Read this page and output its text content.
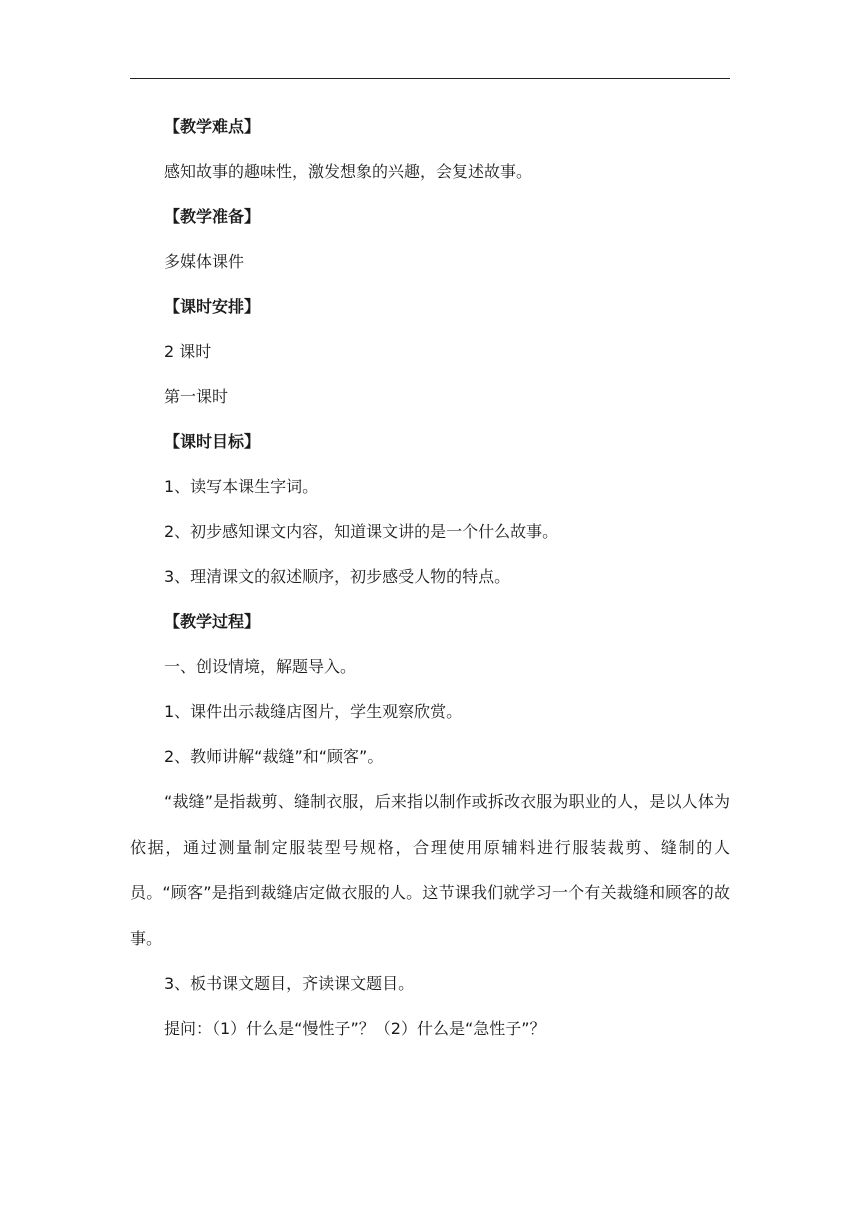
【教学难点】

感知故事的趣味性，激发想象的兴趣，会复述故事。

【教学准备】

多媒体课件

【课时安排】

2 课时

第一课时

【课时目标】

1、读写本课生字词。

2、初步感知课文内容，知道课文讲的是一个什么故事。

3、理清课文的叙述顺序，初步感受人物的特点。

【教学过程】

一、创设情境，解题导入。

1、课件出示裁缝店图片，学生观察欣赏。

2、教师讲解“裁缝”和“顾客”。

“裁缝”是指裁剪、缝制衣服，后来指以制作或拆改衣服为职业的人，是以人体为依据，通过测量制定服装型号规格，合理使用原辅料进行服装裁剪、缝制的人员。“顾客”是指到裁缝店定做衣服的人。这节课我们就学习一个有关裁缝和顾客的故事。

3、板书课文题目，齐读课文题目。

提问：（1）什么是“慢性子”？（2）什么是“急性子”？
